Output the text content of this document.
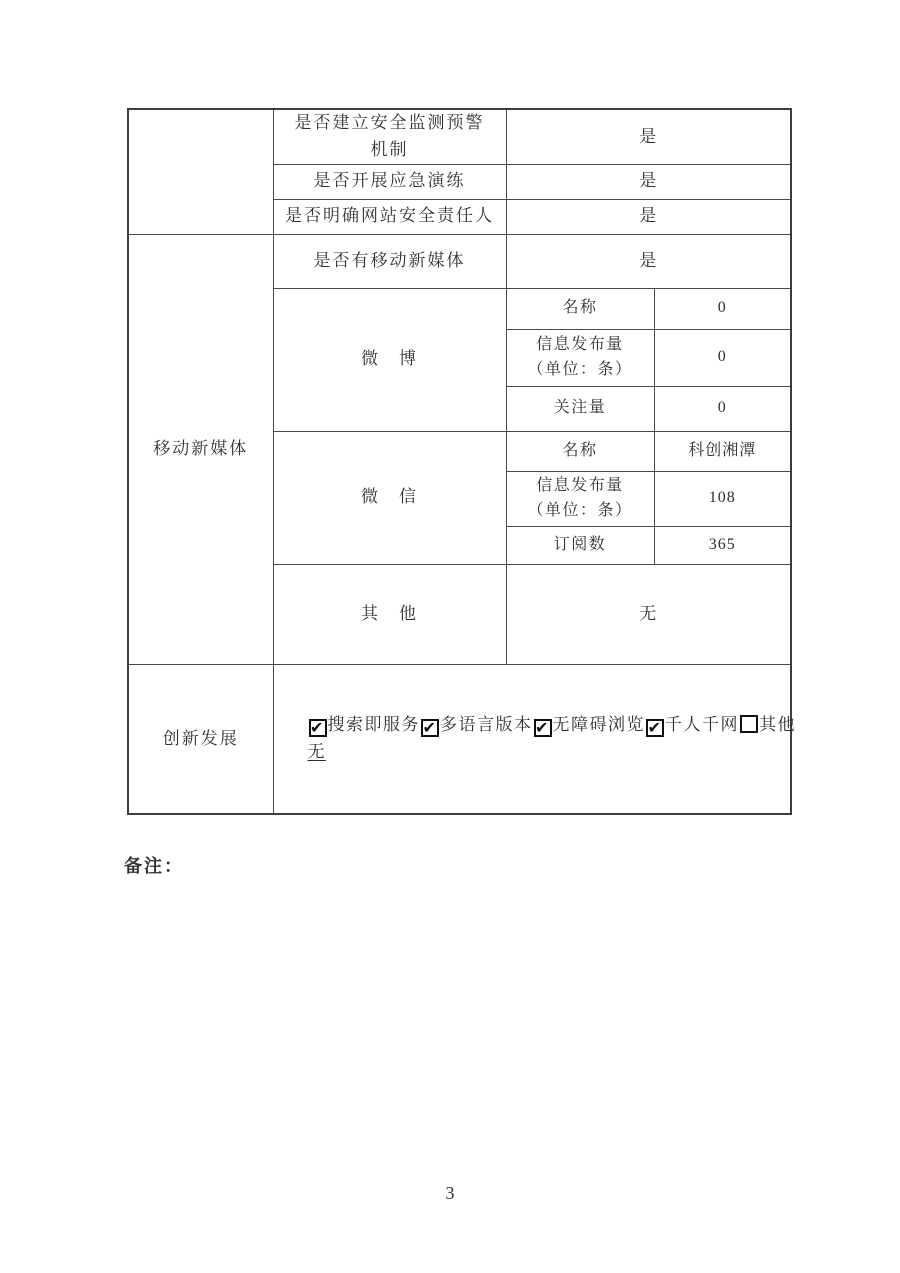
	是否建立安全监测预警
机制	是	

	是否开展应急演练	是	

	是否明确网站安全责任人	是	
移动新媒体	是否有移动新媒体	是	
	微　博	名称	0

		信息发布量
（单位：条）	0

		关注量	0
	微　信	名称	科创湘潭

		信息发布量
（单位：条）	108

		订阅数	365
	其　他	无	
创新发展	✔ 搜索即服务 ✔ 多语言版本 ✔ 无障碍浏览 ✔ 千人千网 其他
无		
备注：
3
